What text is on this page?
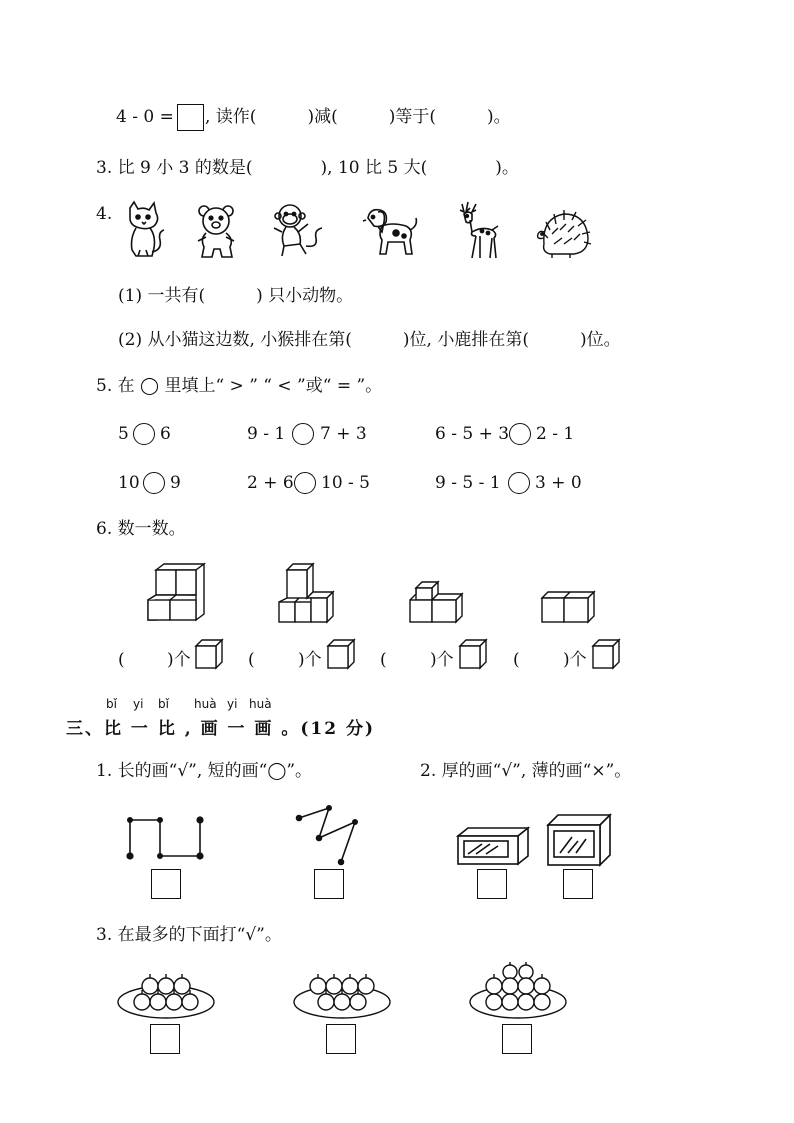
4 - 0 = , 读作(　　　)减(　　　)等于(　　　)。
3. 比 9 小 3 的数是(　　　　), 10 比 5 大(　　　　)。
4.
(1) 一共有(　　　) 只小动物。
(2) 从小猫这边数, 小猴排在第(　　　)位, 小鹿排在第(　　　)位。
5. 在 ◯ 里填上“ > ” “ < ”或“ = ”。
5 6	9 - 1 7 + 3	6 - 5 + 3 2 - 1
10 9	2 + 6 10 - 5	9 - 5 - 1 3 + 0
6. 数一数。
( )个	(	)个	(	)个	(	)个
bǐ yi bǐ huà yi huà
三、比 一 比 , 画 一 画 。(12 分)
1. 长的画“√”, 短的画“◯”。	2. 厚的画“√”, 薄的画“×”。
3. 在最多的下面打“√”。
